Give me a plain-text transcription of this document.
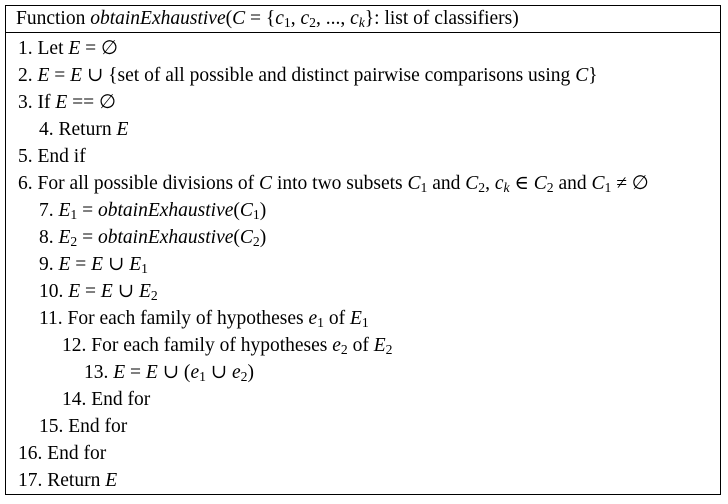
Function obtainExhaustive(C = {c1, c2, ..., ck}: list of classifiers)
1. Let E = ∅
2. E = E ∪ {set of all possible and distinct pairwise comparisons using C}
3. If E == ∅
4. Return E
5. End if
6. For all possible divisions of C into two subsets C1 and C2, ck ∈ C2 and C1 ≠ ∅
7. E1 = obtainExhaustive(C1)
8. E2 = obtainExhaustive(C2)
9. E = E ∪ E1
10. E = E ∪ E2
11. For each family of hypotheses e1 of E1
12. For each family of hypotheses e2 of E2
13. E = E ∪ (e1 ∪ e2)
14. End for
15. End for
16. End for
17. Return E
